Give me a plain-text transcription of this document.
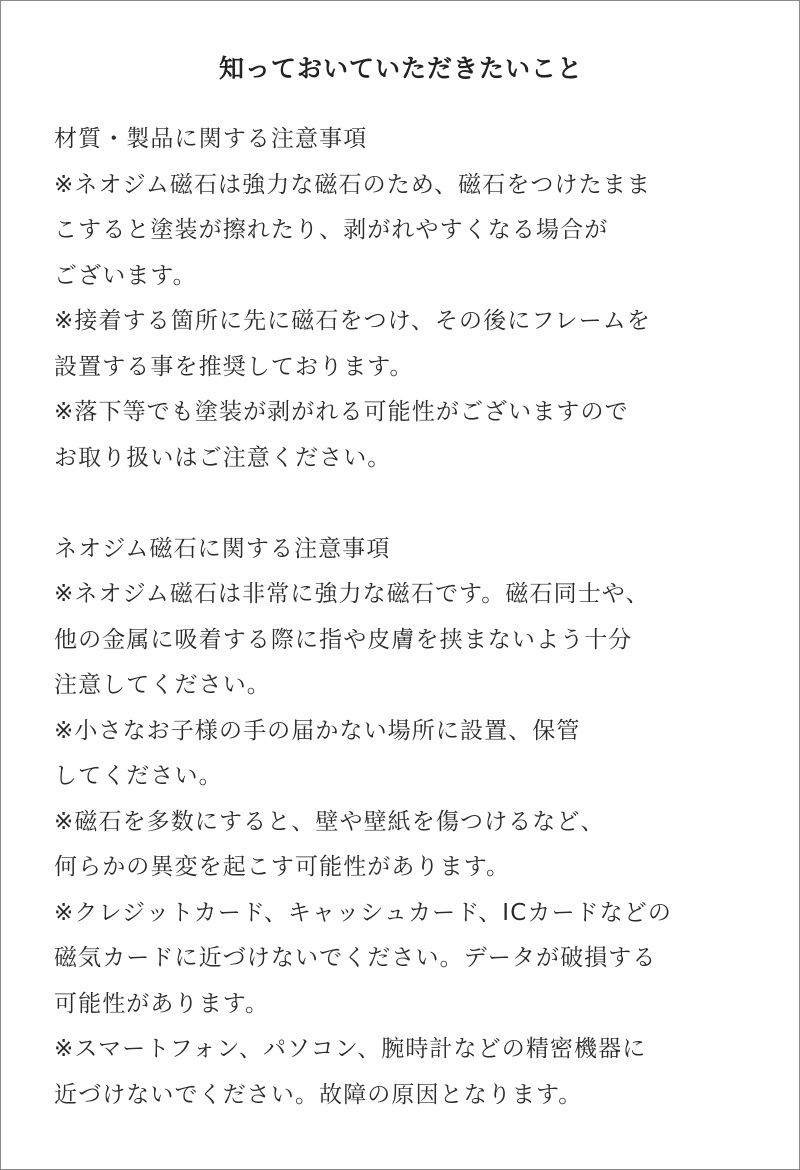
知っておいていただきたいこと
材質・製品に関する注意事項
※ネオジム磁石は強力な磁石のため、磁石をつけたまま
こすると塗装が擦れたり、剥がれやすくなる場合が
ございます。
※接着する箇所に先に磁石をつけ、その後にフレームを
設置する事を推奨しております。
※落下等でも塗装が剥がれる可能性がございますので
お取り扱いはご注意ください。
ネオジム磁石に関する注意事項
※ネオジム磁石は非常に強力な磁石です。磁石同士や、
他の金属に吸着する際に指や皮膚を挟まないよう十分
注意してください。
※小さなお子様の手の届かない場所に設置、保管
してください。
※磁石を多数にすると、壁や壁紙を傷つけるなど、
何らかの異変を起こす可能性があります。
※クレジットカード、キャッシュカード、ICカードなどの
磁気カードに近づけないでください。データが破損する
可能性があります。
※スマートフォン、パソコン、腕時計などの精密機器に
近づけないでください。故障の原因となります。
